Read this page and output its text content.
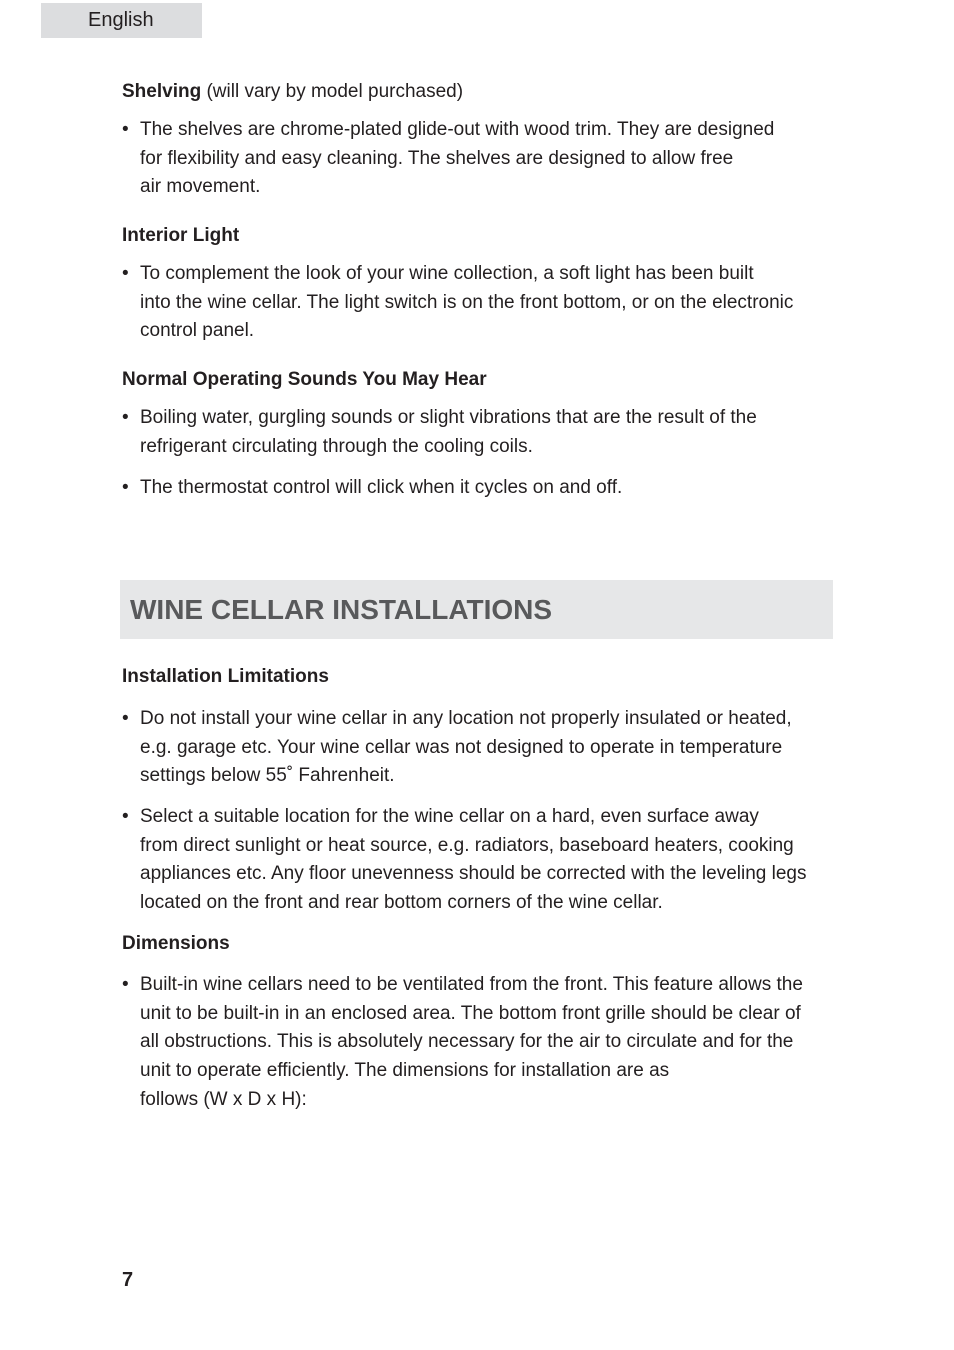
English

Shelving (will vary by model purchased)

• The shelves are chrome-plated glide-out with wood trim. They are designed
for flexibility and easy cleaning. The shelves are designed to allow free
air movement.

Interior Light

• To complement the look of your wine collection, a soft light has been built
into the wine cellar. The light switch is on the front bottom, or on the electronic
control panel.

Normal Operating Sounds You May Hear

• Boiling water, gurgling sounds or slight vibrations that are the result of the
refrigerant circulating through the cooling coils.

• The thermostat control will click when it cycles on and off.

WINE CELLAR INSTALLATIONS

Installation Limitations

• Do not install your wine cellar in any location not properly insulated or heated,
e.g. garage etc. Your wine cellar was not designed to operate in temperature
settings below 55˚ Fahrenheit.

• Select a suitable location for the wine cellar on a hard, even surface away
from direct sunlight or heat source, e.g. radiators, baseboard heaters, cooking
appliances etc. Any floor unevenness should be corrected with the leveling legs
located on the front and rear bottom corners of the wine cellar.

Dimensions

• Built-in wine cellars need to be ventilated from the front. This feature allows the
unit to be built-in in an enclosed area. The bottom front grille should be clear of
all obstructions. This is absolutely necessary for the air to circulate and for the
unit to operate efficiently. The dimensions for installation are as
follows (W x D x H):

7
